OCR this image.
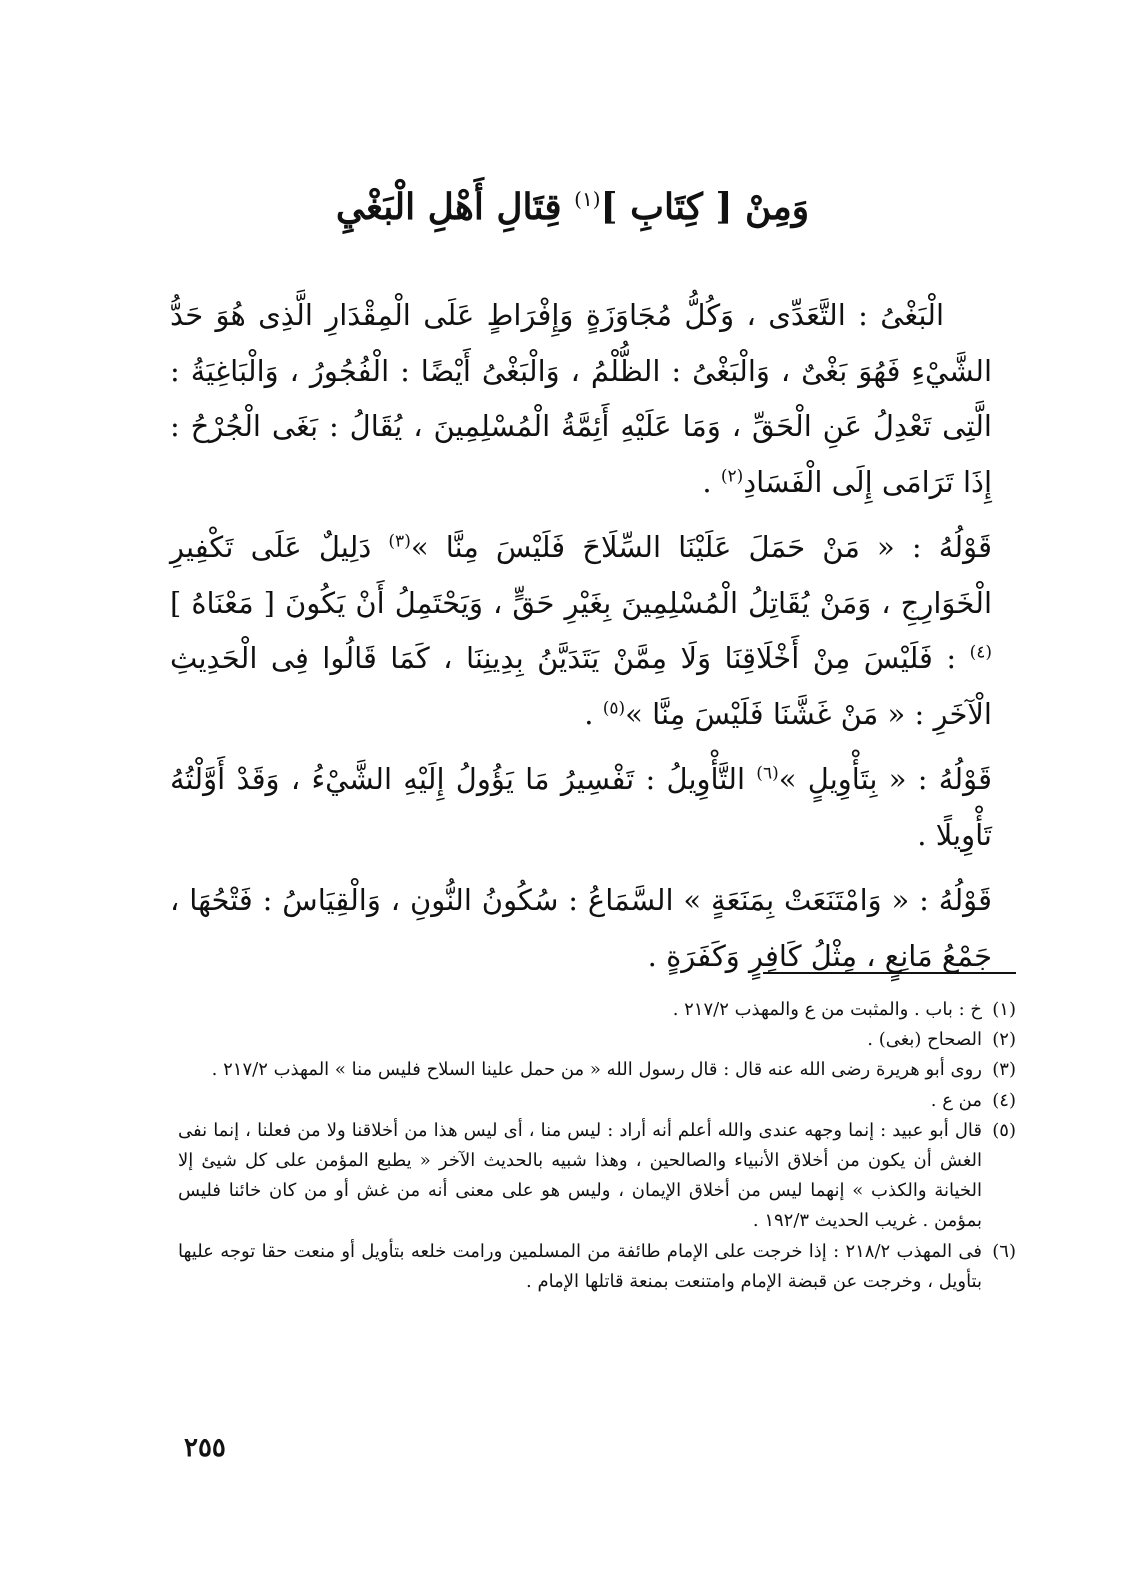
وَمِنْ [ كِتَابِ ]$^{(١)}$ قِتَالِ أَهْلِ الْبَغْيِ

الْبَغْىُ : التَّعَدِّى ، وَكُلُّ مُجَاوَزَةٍ وَإِفْرَاطٍ عَلَى الْمِقْدَارِ الَّذِى هُوَ حَدُّ الشَّيْءِ فَهُوَ بَغْىٌ ، وَالْبَغْىُ : الظُّلْمُ ، وَالْبَغْىُ أَيْضًا : الْفُجُورُ ، وَالْبَاغِيَةُ : الَّتِى تَعْدِلُ عَنِ الْحَقِّ ، وَمَا عَلَيْهِ أَئِمَّةُ الْمُسْلِمِينَ ، يُقَالُ : بَغَى الْجُرْحُ : إِذَا تَرَامَى إِلَى الْفَسَادِ$^{(٢)}$ .

قَوْلُهُ : « مَنْ حَمَلَ عَلَيْنَا السِّلَاحَ فَلَيْسَ مِنَّا »$^{(٣)}$ دَلِيلٌ عَلَى تَكْفِيرِ الْخَوَارِجِ ، وَمَنْ يُقَاتِلُ الْمُسْلِمِينَ بِغَيْرِ حَقٍّ ، وَيَحْتَمِلُ أَنْ يَكُونَ [ مَعْنَاهُ ]$^{(٤)}$ : فَلَيْسَ مِنْ أَخْلَاقِنَا وَلَا مِمَّنْ يَتَدَيَّنُ بِدِينِنَا ، كَمَا قَالُوا فِى الْحَدِيثِ الْآخَرِ : « مَنْ غَشَّنَا فَلَيْسَ مِنَّا »$^{(٥)}$ .

قَوْلُهُ : « بِتَأْوِيلٍ »$^{(٦)}$ التَّأْوِيلُ : تَفْسِيرُ مَا يَؤُولُ إِلَيْهِ الشَّيْءُ ، وَقَدْ أَوَّلْتُهُ تَأْوِيلًا .

قَوْلُهُ : « وَامْتَنَعَتْ بِمَنَعَةٍ » السَّمَاعُ : سُكُونُ النُّونِ ، وَالْقِيَاسُ : فَتْحُهَا ، جَمْعُ مَانِعٍ ، مِثْلُ كَافِرٍ وَكَفَرَةٍ .

(١)
خ : باب . والمثبت من ع والمهذب ٢١٧/٢ .
(٢)
الصحاح (بغى) .
(٣)
روى أبو هريرة رضى الله عنه قال : قال رسول الله « من حمل علينا السلاح فليس منا » المهذب ٢١٧/٢ .
(٤)
من ع .
(٥)
قال أبو عبيد : إنما وجهه عندى والله أعلم أنه أراد : ليس منا ، أى ليس هذا من أخلاقنا ولا من فعلنا ، إنما نفى الغش أن يكون من أخلاق الأنبياء والصالحين ، وهذا شبيه بالحديث الآخر « يطبع المؤمن على كل شيئ إلا الخيانة والكذب » إنهما ليس من أخلاق الإيمان ، وليس هو على معنى أنه من غش أو من كان خائنا فليس بمؤمن . غريب الحديث ١٩٢/٣ .
(٦)
فى المهذب ٢١٨/٢ : إذا خرجت على الإمام طائفة من المسلمين ورامت خلعه بتأويل أو منعت حقا توجه عليها بتأويل ، وخرجت عن قبضة الإمام وامتنعت بمنعة قاتلها الإمام .
٢٥٥
